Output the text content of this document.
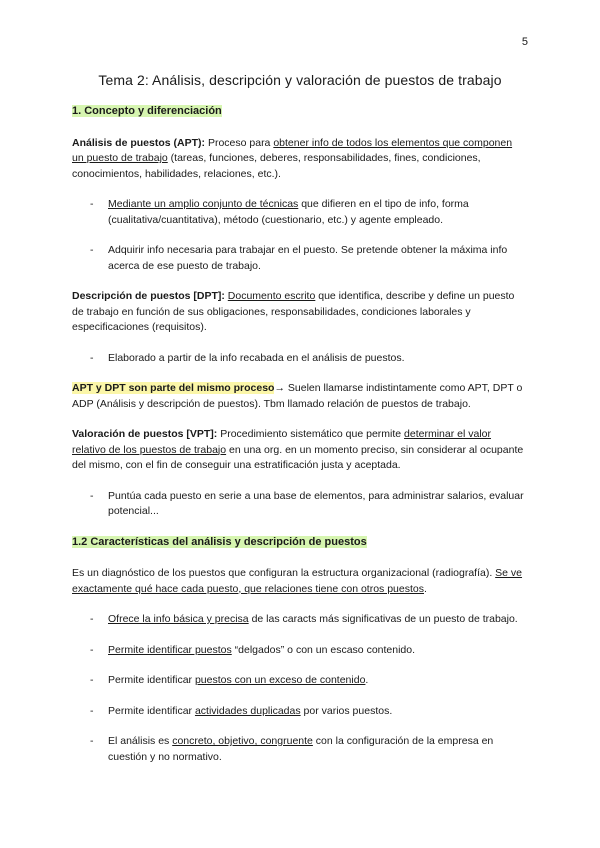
5
Tema 2: Análisis, descripción y valoración de puestos de trabajo
1. Concepto y diferenciación

Análisis de puestos (APT): Proceso para obtener info de todos los elementos que componen un puesto de trabajo (tareas, funciones, deberes, responsabilidades, fines, condiciones, conocimientos, habilidades, relaciones, etc.).

- Mediante un amplio conjunto de técnicas que difieren en el tipo de info, forma (cualitativa/cuantitativa), método (cuestionario, etc.) y agente empleado.
- Adquirir info necesaria para trabajar en el puesto. Se pretende obtener la máxima info acerca de ese puesto de trabajo.

Descripción de puestos [DPT]: Documento escrito que identifica, describe y define un puesto de trabajo en función de sus obligaciones, responsabilidades, condiciones laborales y especificaciones (requisitos).

- Elaborado a partir de la info recabada en el análisis de puestos.

APT y DPT son parte del mismo proceso→ Suelen llamarse indistintamente como APT, DPT o ADP (Análisis y descripción de puestos). Tbm llamado relación de puestos de trabajo.

Valoración de puestos [VPT]: Procedimiento sistemático que permite determinar el valor relativo de los puestos de trabajo en una org. en un momento preciso, sin considerar al ocupante del mismo, con el fin de conseguir una estratificación justa y aceptada.

- Puntúa cada puesto en serie a una base de elementos, para administrar salarios, evaluar potencial...
1.2 Características del análisis y descripción de puestos

Es un diagnóstico de los puestos que configuran la estructura organizacional (radiografía). Se ve exactamente qué hace cada puesto, que relaciones tiene con otros puestos.

- Ofrece la info básica y precisa de las caracts más significativas de un puesto de trabajo.
- Permite identificar puestos “delgados” o con un escaso contenido.
- Permite identificar puestos con un exceso de contenido.
- Permite identificar actividades duplicadas por varios puestos.
- El análisis es concreto, objetivo, congruente con la configuración de la empresa en cuestión y no normativo.
